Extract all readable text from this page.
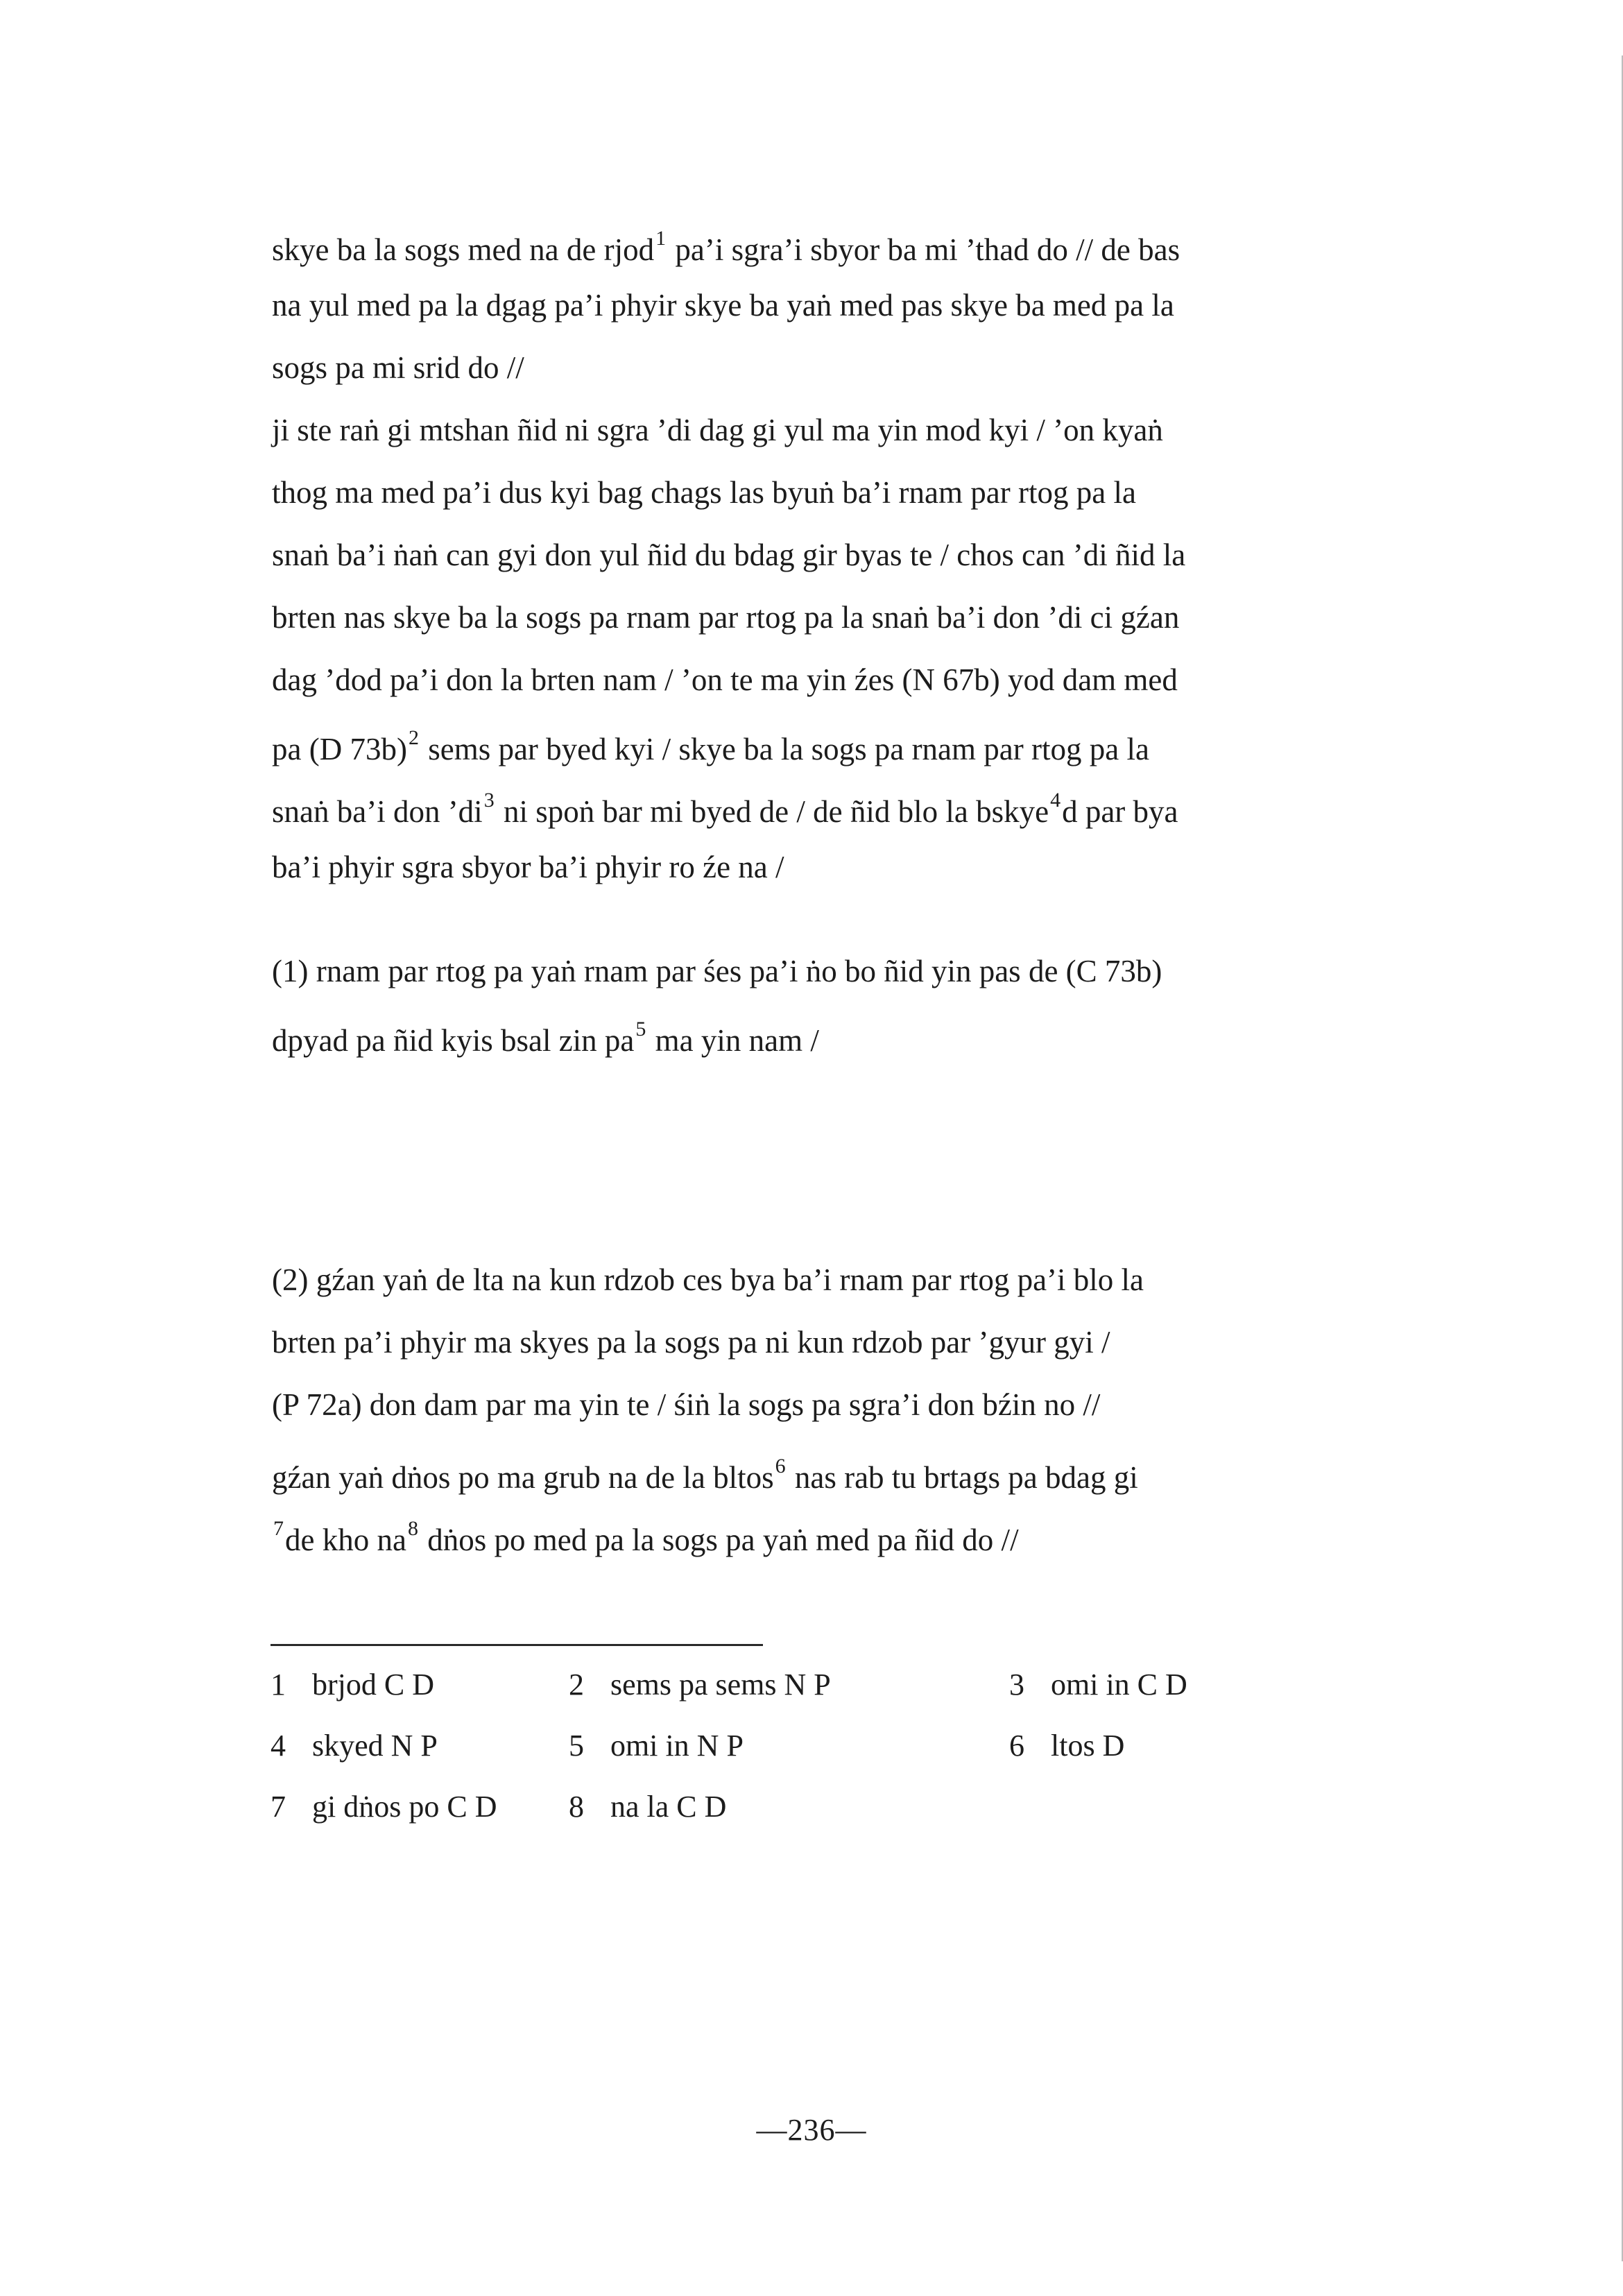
skye ba la sogs med na de rjod$^1$ pa’i sgra’i sbyor ba mi ’thad do // de bas
na yul med pa la dgag pa’i phyir skye ba yaṅ med pas skye ba med pa la
sogs pa mi srid do //
ji ste raṅ gi mtshan ñid ni sgra ’di dag gi yul ma yin mod kyi / ’on kyaṅ
thog ma med pa’i dus kyi bag chags las byuṅ ba’i rnam par rtog pa la
snaṅ ba’i ṅaṅ can gyi don yul ñid du bdag gir byas te / chos can ’di ñid la
brten nas skye ba la sogs pa rnam par rtog pa la snaṅ ba’i don ’di ci gźan
dag ’dod pa’i don la brten nam / ’on te ma yin źes (N 67b) yod dam med
pa (D 73b)$^2$ sems par byed kyi / skye ba la sogs pa rnam par rtog pa la
snaṅ ba’i don ’di$^3$ ni spoṅ bar mi byed de / de ñid blo la bskye$^4$d par bya
ba’i phyir sgra sbyor ba’i phyir ro źe na /
(1) rnam par rtog pa yaṅ rnam par śes pa’i ṅo bo ñid yin pas de (C 73b)
dpyad pa ñid kyis bsal zin pa$^5$ ma yin nam /
(2) gźan yaṅ de lta na kun rdzob ces bya ba’i rnam par rtog pa’i blo la
brten pa’i phyir ma skyes pa la sogs pa ni kun rdzob par ’gyur gyi /
(P 72a) don dam par ma yin te / śiṅ la sogs pa sgra’i don bźin no //
gźan yaṅ dṅos po ma grub na de la bltos$^6$ nas rab tu brtags pa bdag gi
$^7$de kho na$^8$ dṅos po med pa la sogs pa yaṅ med pa ñid do //
1 brjod C D	2 sems pa sems N P	3 omi in C D
4 skyed N P	5 omi in N P	6 ltos D
7 gi dṅos po C D 8 na la C D
—236—
